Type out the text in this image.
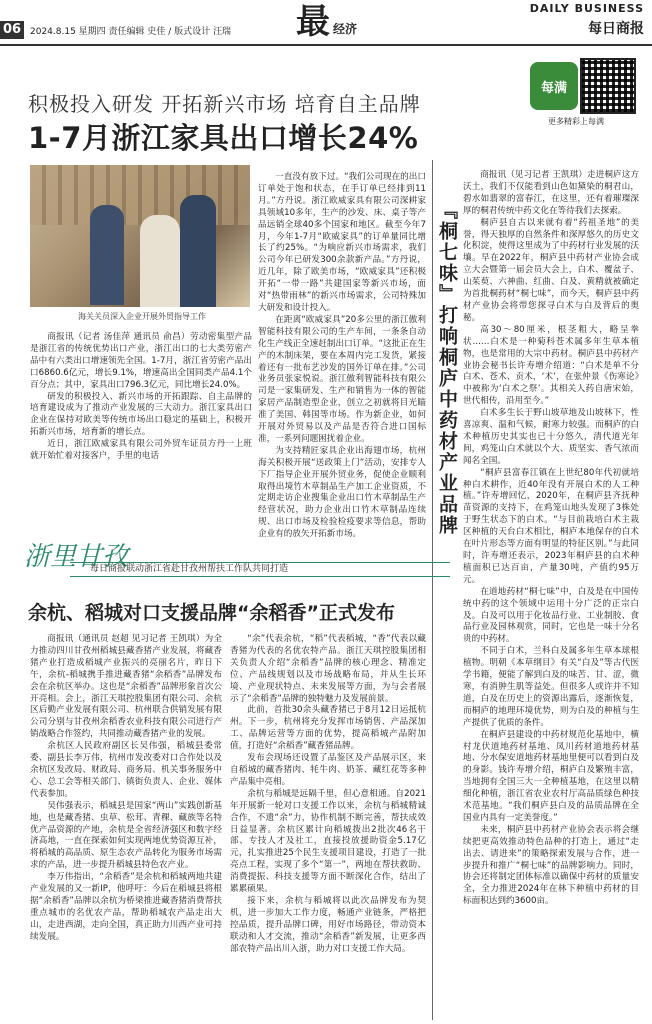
06 2024.8.15 星期四 责任编辑 史佳 / 版式设计 汪瑞 最 经济
DAILY BUSINESS
每日商报
积极投入研发 开拓新兴市场 培育自主品牌
1-7月浙江家具出口增长24%
每满
更多精彩上每满
海关关员深入企业开展外贸指导工作

商报讯（记者 汤佳萍 通讯员 俞昌）劳动密集型产品是浙江省的传统优势出口产业，浙江出口的七大类劳密产品中有六类出口增速领先全国。1-7月，浙江省劳密产品出口6860.6亿元，增长9.1%，增速高出全国同类产品4.1个百分点；其中，家具出口796.3亿元，同比增长24.0%。

研发的积极投入、新兴市场的开拓跟踪、自主品牌的培育建设成为了推动产业发展的三大动力。浙江家具出口企业在保持对欧美等传统市场出口稳定的基础上，积极开拓新兴市场，培育新的增长点。

近日，浙江欧威家具有限公司外贸车证员方丹一上班就开始忙着对接客户，手里的电话

一直没有放下过。“我们公司现在的出口订单处于饱和状态，在手订单已经排到11月。”方丹说。浙江欧威家具有限公司深耕家具领域10多年，生产的沙发、床、桌子等产品远销全球40多个国家和地区。截至今年7月，今年1-7月“欧威家具”的订单量同比增长了约25%。“为响应新兴市场需求，我们公司今年已研发300余款新产品。”方丹说，近几年，除了欧美市场，“欧威家具”还积极开拓“一带一路”共建国家等新兴市场，面对“热带雨林”的新兴市场需求，公司特殊加大研发和设计投入。

在距离“欧威家具”20多公里的浙江傲利智能科技有限公司的生产车间，一条条自动化生产线正全速赶制出口订单。“这批正在生产的木制床架，要在本周内完工发货，紧接着还有一批布艺沙发的国外订单在排。”公司业务员张家悦说。浙江傲利智能科技有限公司是一家集研发、生产和销售为一体的智能家居产品制造型企业，创立之初就将目光瞄准了美国、韩国等市场。作为新企业，如何开展对外贸易以及产品是否符合进口国标准，一系列问题困扰着企业。

为支持精匠家具企业出海翅市场，杭州海关积极开展“送政策上门”活动，安排专人下厂指导企业开展外贸业务，促使企业顺利取得出境竹木草制品生产加工企业资质，不定期走访企业搜集企业出口竹木草制品生产经营状况，助力企业出口竹木草制品连续规、出口市场及检验检疫要求等信息，帮助企业有的放矢开拓新市场。	『桐七味』打响桐庐中药材产业品牌

商报讯（见习记者 王凯琪）走进桐庐这方沃土，我们不仅能看到山色如黛染的桐君山，碧水如翡翠的富春江，在这里，还有着璀璨深厚的桐君传统中药文化在等待我们去探索。

桐庐县自古以来就有着“药祖圣地”的美誉，得天独厚的自然条件和深厚悠久的历史文化积淀，使得这里成为了中药材行业发展的沃壤。早在2022年，桐庐县中药材产业协会成立大会暨第一届会员大会上，白术、覆盆子、山茱萸、六神曲、红曲、白及、黄精就被确定为首批桐药材“桐七味”，而今天，桐庐县中药材产业协会将带您探寻白术与白及背后的奥秘。

高30～80厘米，根茎粗大，略呈拳状……白术是一种菊科苍术属多年生草本植物，也是常用的大宗中药材。桐庐县中药材产业协会秘书长许寿增介绍道：“白术是单不分白术、苍术、贡术，‘术’，在张仲景《伤寒论》中被称为‘白术之祭’。其相关人药自唐宋始，世代相传，沿用至今。”

白术多生长于野山坡草地及山坡林下，性喜凉爽、温和气候，耐寒力较强。而桐庐的白术种植历史其实也已十分悠久，清代道光年间，鸡笼山白术就以个大、质坚实、香气浓而闻名全国。

“桐庐县富春江镇在上世纪80年代初就培种白术耕作，近40年没有开展白术的人工种植。”许寿增回忆，2020年，在桐庐县齐抚种苗资源的支持下，在鸡笼山地头发现了3株处于野生状态下的白术。“与目前栽培白术主栽区种植的天台白术相比，桐庐本地保存的白术在叶片形态等方面有明显的特征区别。”与此同时，许寿增还表示，2023年桐庐县的白术种植面积已达百亩，产量30吨，产值约95万元。

在道地药材“桐七味”中，白及是在中国传统中药的这个领域中运用十分广泛的正宗白及。白及可以用于化妆品行业、工业制胶、食品行业及园林观赏，同时，它也是一味十分名贵的中药材。

不同于白术，兰科白及属多年生草本球根植物。明朝《本草纲目》有关“白及”等古代医学书籍，便能了解到白及的味苦、甘、涩，微寒，有消肿生肌等益处。但很多人或许并不知道，白及在历史上的资源出露后，逐渐恢复，而桐庐的地理环境优势，则为白及的种植与生产提供了优质的条件。

在桐庐县建设的中药材规范化基地中，横村龙伏道地药材基地、凤川药材道地药材基地、分水保安道地药材基地里便可以看到白及的身影。钱许寿增介绍，桐庐白及繁殖丰富，当地拥有全国三大一全种植基地，在这里以精细化种植，浙江省农业农村厅高品质绿色种技术范基地。“我们桐庐县白及的品质品牌在全国业内具有一定美誉度。”

未来，桐庐县中药材产业协会表示将会继续把更高效推动特色品种的打造上，通过“走出去、请进来”的策略探索发展与合作，进一步提升和推广“桐七味”的品牌影响力。同时，协会还将制定团体标准以确保中药材的质量安全，全力推进2024年在林下种植中药材的目标面积达到约3600亩。

浙里甘孜
每日商报联动浙江省赴甘孜州帮扶工作队共同打造
余杭、稻城对口支援品牌“余稻香”正式发布

商报讯（通讯员 赵超 见习记者 王凯琪）为全力推动四川甘孜州稻城县藏香猪产业发展，将藏香猪产业打造成稻城产业振兴的亮丽名片，昨日下午，余杭-稻城携手推进藏香猪“余稻香”品牌发布会在余杭区举办。这也是“余稻香”品牌形象首次公开亮相。会上，浙江天琪控股集团有限公司、余杭区后勤产业发展有限公司、杭州联合供销发展有限公司分别与甘孜州余稻香农业科技有限公司进行产销战略合作签约，共同推动藏香猪产业的发展。

余杭区人民政府副区长吴伟强，稻城县委常委、副县长李万伟，杭州市发改委对口合作处以及余杭区发改局、财政局、商务局、机关事务服务中心、总工会等相关部门、镇街负责人、企业、媒体代表参加。

吴伟强表示，稻城县是国家“两山”实践创新基地，也是藏香猪、虫草、松茸、青稞、藏族等名特优产品资源的产地，余杭是全省经济强区和数字经济高地，一直在探索如何实现两地优势资源互补，将稻城的高品质、原生态农产品转化为服务市场需求的产品，进一步提升稻城县特色农产业。

李万伟指出，“余稻香”是余杭和稻城两地共建产业发展的又一新IP，他呼吁：今后在稻城县将根据“余稻香”品牌以余杭为桥梁推进藏香猪消费帮扶重点城市的名优农产品，帮助稻城农产品走出大山，走进西湖，走向全国，真正助力川西产业可持续发展。

“余”代表余杭，“稻”代表稻城，“香”代表以藏香猪为代表的名优农特产品。浙江天琪控股集团相关负责人介绍“余稻香”品牌的核心理念、精准定位、产品线规划以及市场战略布局，并从生长环境、产业现状特点、未来发展等方面，为与会者展示了“余稻香”品牌的独特魅力及发展前景。

此前，首批30余头藏香猪已于8月12日运抵杭州。下一步，杭州将充分发挥市场销售、产品深加工、品牌运营等方面的优势，提高稻城产品附加值，打造好“余稻香”藏香猪品牌。

发布会现场还设置了品鉴区及产品展示区，来自稻城的藏香猪肉、牦牛肉、奶茶、藏红花等多种产品集中亮相。

余杭与稻城是远隔千里，但心意相通。自2021年开展新一轮对口支援工作以来，余杭与稻城精诚合作，不遗“余”力，协作机制不断完善，帮扶成效日益显著。余杭区累计向稻城拨出2批次46名干部、专技人才及社工，直接投放援助资金5.17亿元，扎实推进25个民生支援项目建设，打造了一批亮点工程，实现了多个“第一”，两地在帮扶救助、消费提振、科技支援等方面不断深化合作，结出了累累硕果。

接下来，余杭与稻城将以此次品牌发布为契机，进一步加大工作力度，畅通产业链条，严格把控品质，提升品牌口碑，用好市场路径，带动资本联动和人才交流，推动“余稻香”新发展，让更多西部农特产品出川入浙，助力对口支援工作大局。
